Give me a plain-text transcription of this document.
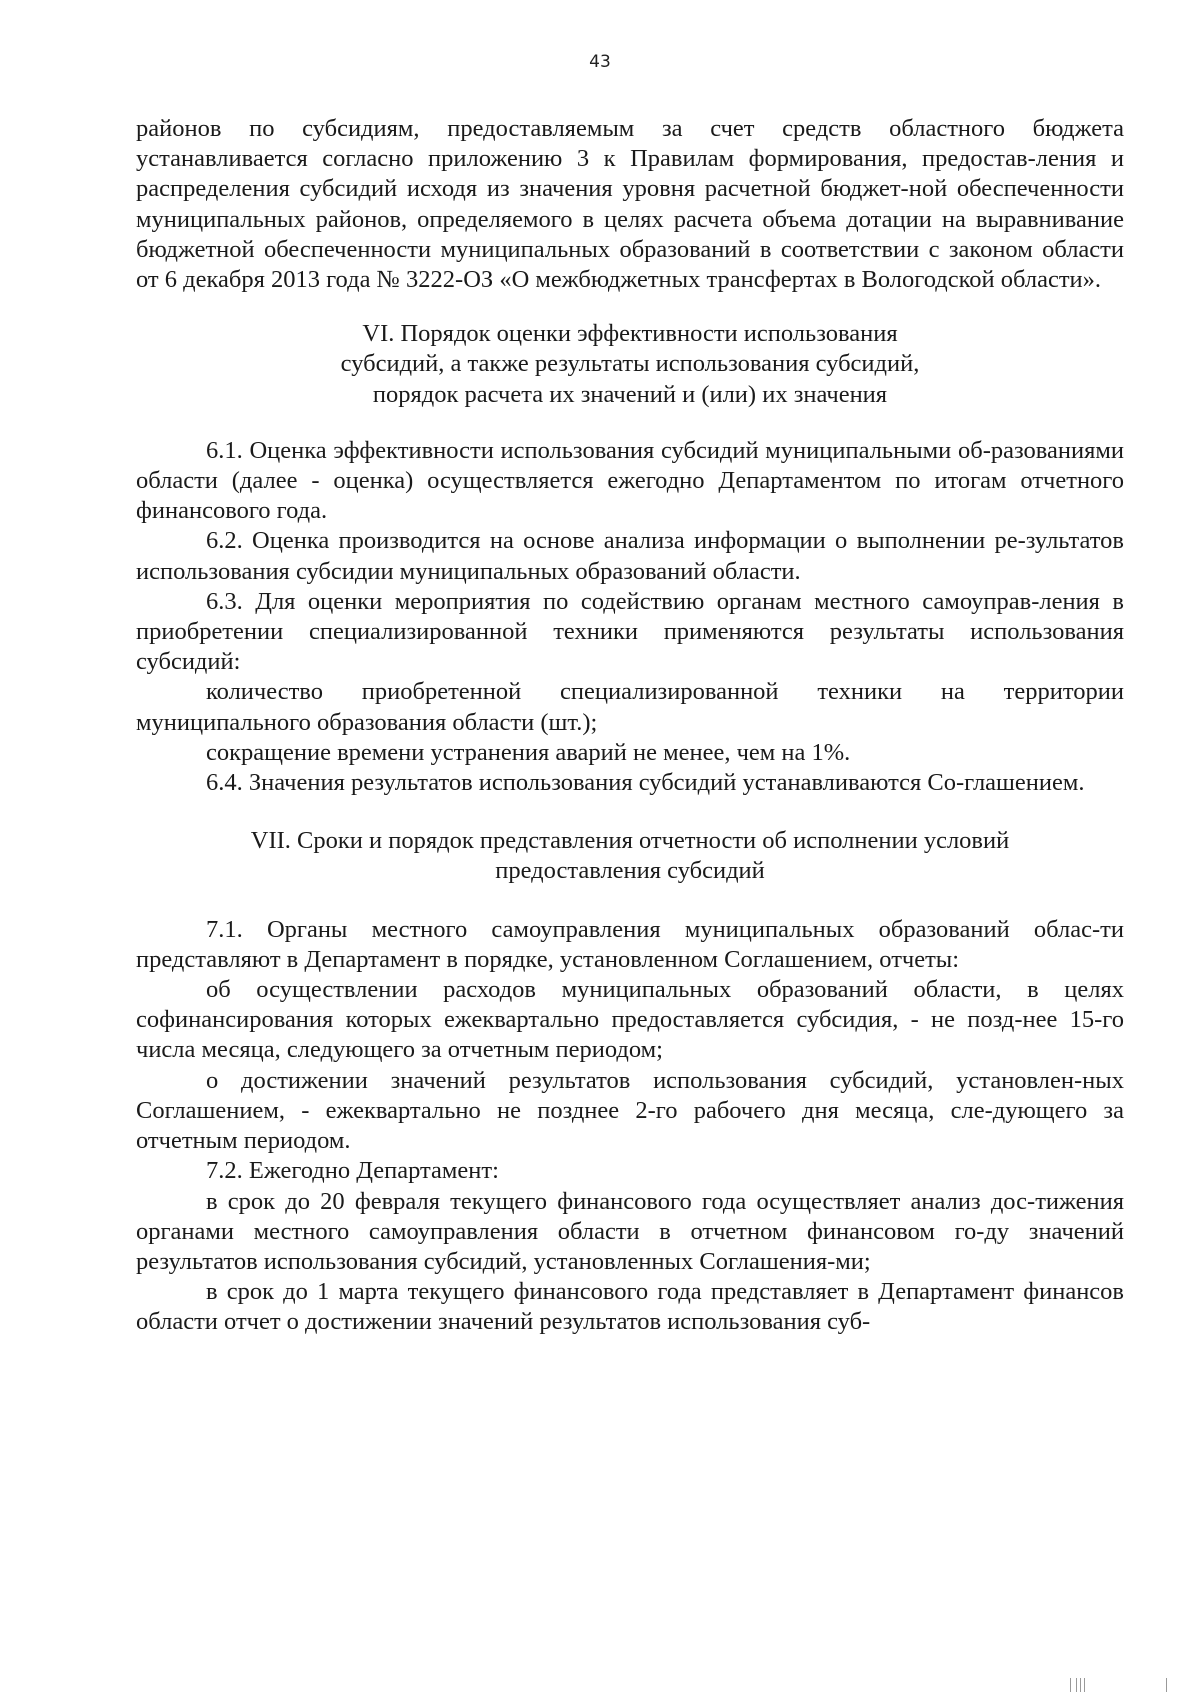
43

районов по субсидиям, предоставляемым за счет средств областного бюджета устанавливается согласно приложению 3 к Правилам формирования, предостав-ления и распределения субсидий исходя из значения уровня расчетной бюджет-ной обеспеченности муниципальных районов, определяемого в целях расчета объема дотации на выравнивание бюджетной обеспеченности муниципальных образований в соответствии с законом области от 6 декабря 2013 года № 3222-ОЗ «О межбюджетных трансфертах в Вологодской области».

VI. Порядок оценки эффективности использования

субсидий, а также результаты использования субсидий,

порядок расчета их значений и (или) их значения

6.1. Оценка эффективности использования субсидий муниципальными об-разованиями области (далее - оценка) осуществляется ежегодно Департаментом по итогам отчетного финансового года.

6.2. Оценка производится на основе анализа информации о выполнении ре-зультатов использования субсидии муниципальных образований области.

6.3. Для оценки мероприятия по содействию органам местного самоуправ-ления в приобретении специализированной техники применяются результаты использования субсидий:

количество приобретенной специализированной техники на территории муниципального образования области (шт.);

сокращение времени устранения аварий не менее, чем на 1%.

6.4. Значения результатов использования субсидий устанавливаются Со-глашением.

VII. Сроки и порядок представления отчетности об исполнении условий

предоставления субсидий

7.1. Органы местного самоуправления муниципальных образований облас-ти представляют в Департамент в порядке, установленном Соглашением, отчеты:

об осуществлении расходов муниципальных образований области, в целях софинансирования которых ежеквартально предоставляется субсидия, - не позд-нее 15-го числа месяца, следующего за отчетным периодом;

о достижении значений результатов использования субсидий, установлен-ных Соглашением, - ежеквартально не позднее 2-го рабочего дня месяца, сле-дующего за отчетным периодом.

7.2. Ежегодно Департамент:

в срок до 20 февраля текущего финансового года осуществляет анализ дос-тижения органами местного самоуправления области в отчетном финансовом го-ду значений результатов использования субсидий, установленных Соглашения-ми;

в срок до 1 марта текущего финансового года представляет в Департамент финансов области отчет о достижении значений результатов использования суб-
